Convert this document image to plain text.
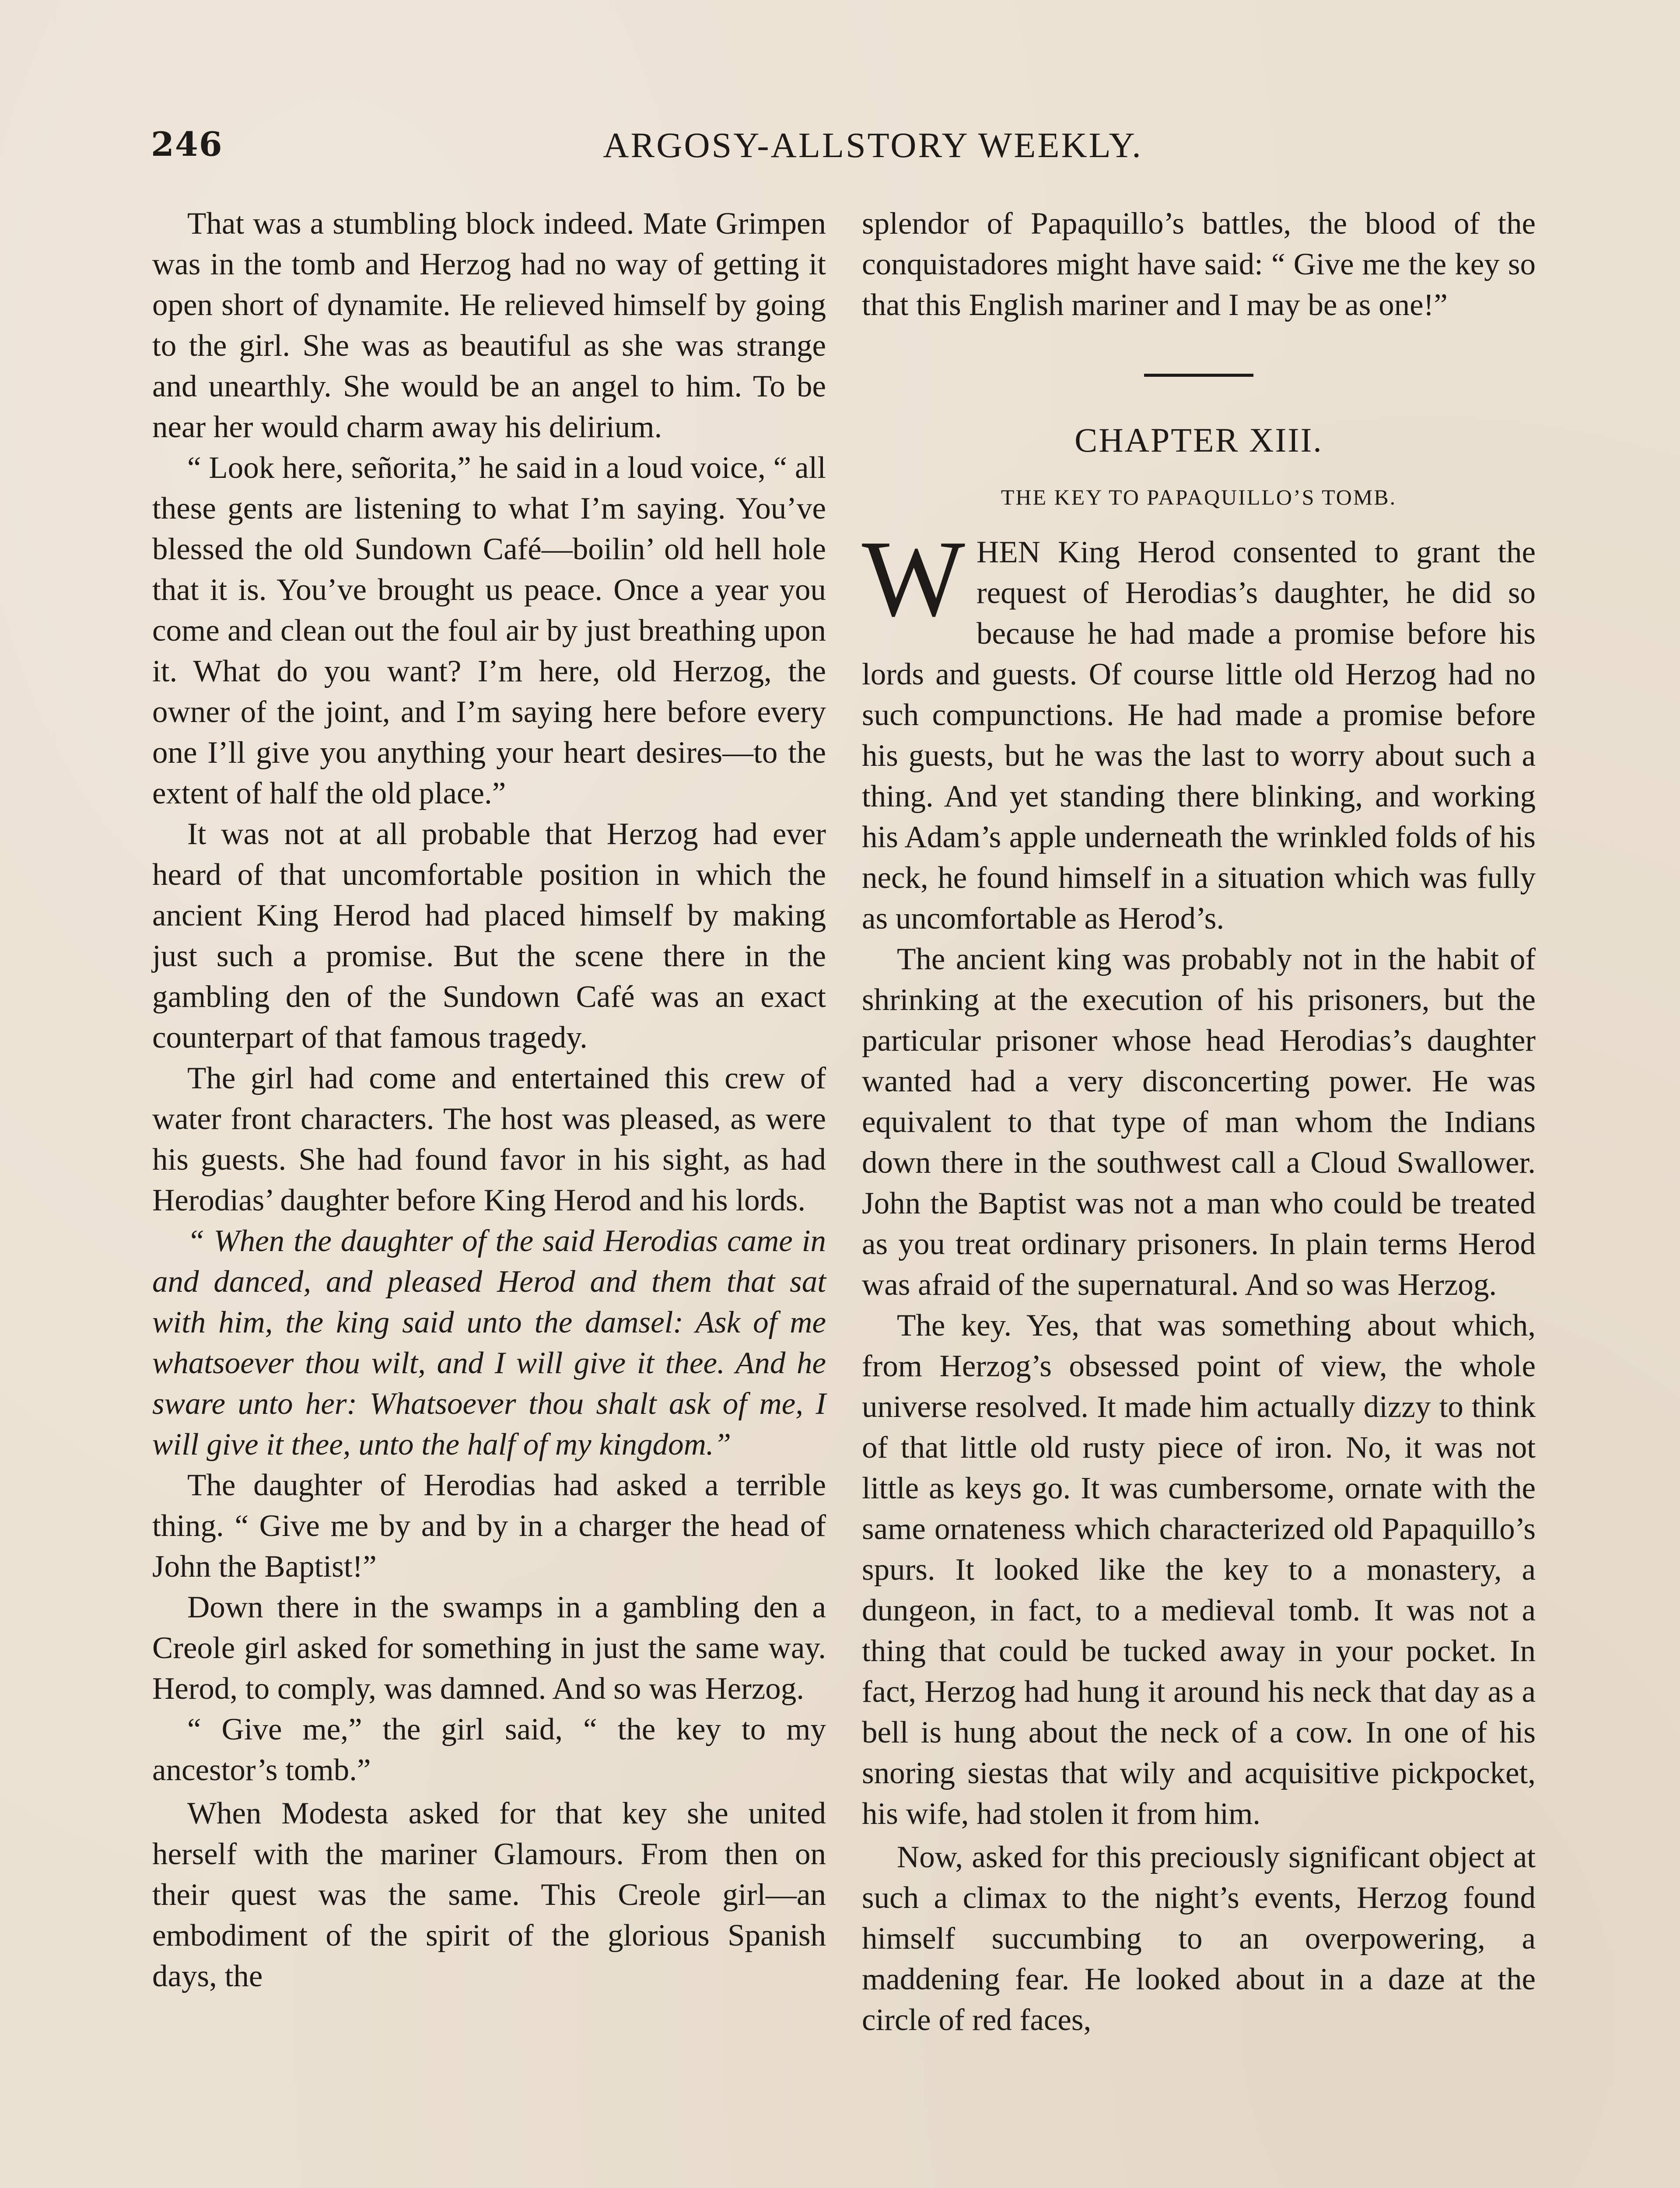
246	ARGOSY-ALLSTORY WEEKLY.

That was a stumbling block indeed. Mate Grimpen was in the tomb and Herzog had no way of getting it open short of dynamite. He relieved himself by going to the girl. She was as beautiful as she was strange and unearthly. She would be an angel to him. To be near her would charm away his delirium.

“ Look here, señorita,” he said in a loud voice, “ all these gents are listening to what I’m saying. You’ve blessed the old Sundown Café—boilin’ old hell hole that it is. You’ve brought us peace. Once a year you come and clean out the foul air by just breathing upon it. What do you want? I’m here, old Herzog, the owner of the joint, and I’m saying here before every one I’ll give you anything your heart desires—to the extent of half the old place.”

It was not at all probable that Herzog had ever heard of that uncomfortable position in which the ancient King Herod had placed himself by making just such a promise. But the scene there in the gambling den of the Sundown Café was an exact counterpart of that famous tragedy.

The girl had come and entertained this crew of water front characters. The host was pleased, as were his guests. She had found favor in his sight, as had Herodias’ daughter before King Herod and his lords.

“ When the daughter of the said Herodias came in and danced, and pleased Herod and them that sat with him, the king said unto the damsel: Ask of me whatsoever thou wilt, and I will give it thee. And he sware unto her: Whatsoever thou shalt ask of me, I will give it thee, unto the half of my kingdom.”

The daughter of Herodias had asked a terrible thing. “ Give me by and by in a charger the head of John the Baptist!”

Down there in the swamps in a gambling den a Creole girl asked for something in just the same way. Herod, to comply, was damned. And so was Herzog.

“ Give me,” the girl said, “ the key to my ancestor’s tomb.”

When Modesta asked for that key she united herself with the mariner Glamours. From then on their quest was the same. This Creole girl—an embodiment of the spirit of the glorious Spanish days, the

splendor of Papaquillo’s battles, the blood of the conquistadores might have said: “ Give me the key so that this English mariner and I may be as one!”

CHAPTER XIII.
THE KEY TO PAPAQUILLO’S TOMB.

WHEN King Herod consented to grant the request of Herodias’s daughter, he did so because he had made a promise before his lords and guests. Of course little old Herzog had no such compunctions. He had made a promise before his guests, but he was the last to worry about such a thing. And yet standing there blinking, and working his Adam’s apple underneath the wrinkled folds of his neck, he found himself in a situation which was fully as uncomfortable as Herod’s.

The ancient king was probably not in the habit of shrinking at the execution of his prisoners, but the particular prisoner whose head Herodias’s daughter wanted had a very disconcerting power. He was equivalent to that type of man whom the Indians down there in the southwest call a Cloud Swallower. John the Baptist was not a man who could be treated as you treat ordinary prisoners. In plain terms Herod was afraid of the supernatural. And so was Herzog.

The key. Yes, that was something about which, from Herzog’s obsessed point of view, the whole universe resolved. It made him actually dizzy to think of that little old rusty piece of iron. No, it was not little as keys go. It was cumbersome, ornate with the same ornateness which characterized old Papaquillo’s spurs. It looked like the key to a monastery, a dungeon, in fact, to a medieval tomb. It was not a thing that could be tucked away in your pocket. In fact, Herzog had hung it around his neck that day as a bell is hung about the neck of a cow. In one of his snoring siestas that wily and acquisitive pickpocket, his wife, had stolen it from him.

Now, asked for this preciously significant object at such a climax to the night’s events, Herzog found himself succumbing to an overpowering, a maddening fear. He looked about in a daze at the circle of red faces,
